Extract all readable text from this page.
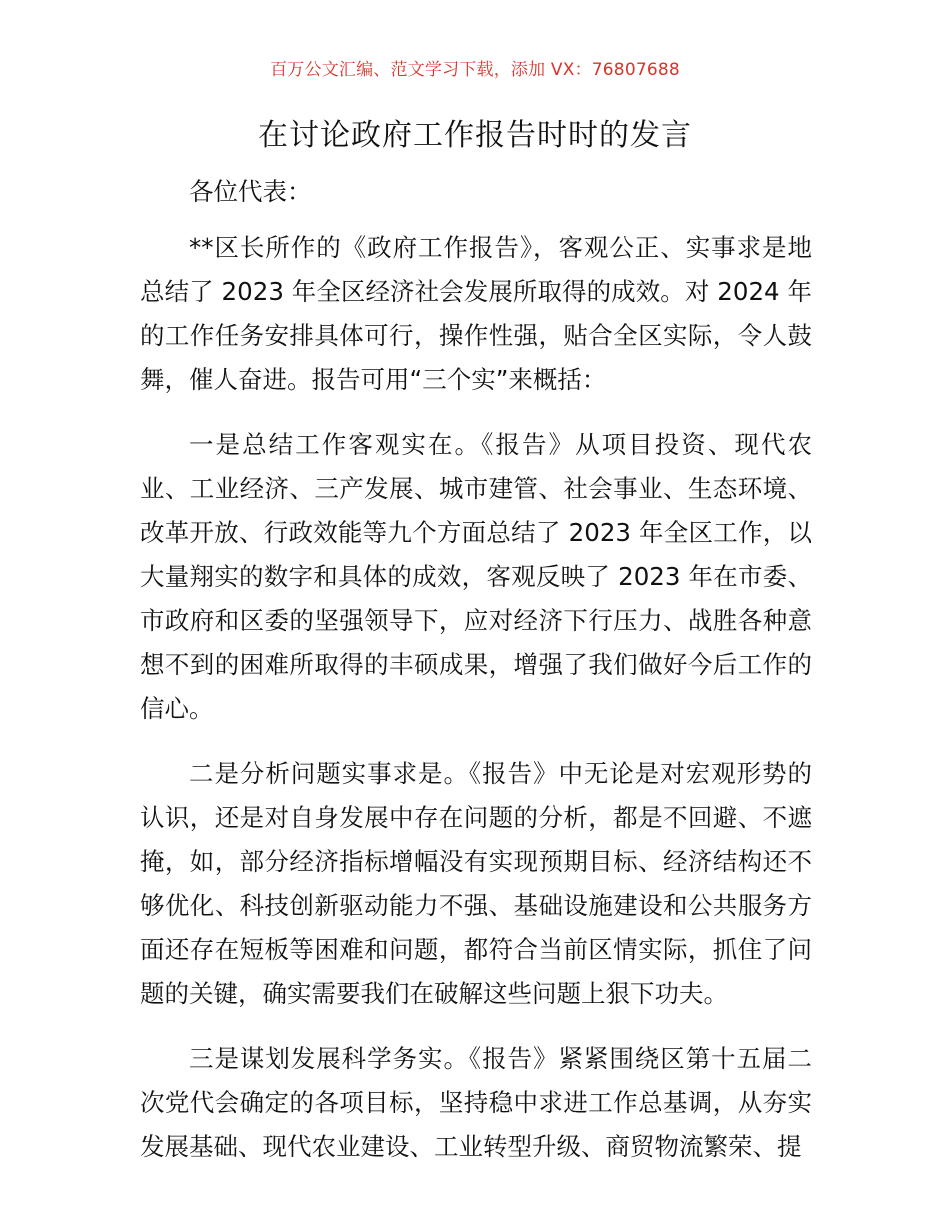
百万公文汇编、范文学习下载，添加 VX：76807688
在讨论政府工作报告时时的发言

各位代表：

**区长所作的《政府工作报告》，客观公正、实事求是地总结了 2023 年全区经济社会发展所取得的成效。对 2024 年的工作任务安排具体可行，操作性强，贴合全区实际，令人鼓舞，催人奋进。报告可用“三个实”来概括：

一是总结工作客观实在。《报告》从项目投资、现代农业、工业经济、三产发展、城市建管、社会事业、生态环境、改革开放、行政效能等九个方面总结了 2023 年全区工作，以大量翔实的数字和具体的成效，客观反映了 2023 年在市委、市政府和区委的坚强领导下，应对经济下行压力、战胜各种意想不到的困难所取得的丰硕成果，增强了我们做好今后工作的信心。

二是分析问题实事求是。《报告》中无论是对宏观形势的认识，还是对自身发展中存在问题的分析，都是不回避、不遮掩，如，部分经济指标增幅没有实现预期目标、经济结构还不够优化、科技创新驱动能力不强、基础设施建设和公共服务方面还存在短板等困难和问题，都符合当前区情实际，抓住了问题的关键，确实需要我们在破解这些问题上狠下功夫。

三是谋划发展科学务实。《报告》紧紧围绕区第十五届二次党代会确定的各项目标，坚持稳中求进工作总基调，从夯实发展基础、现代农业建设、工业转型升级、商贸物流繁荣、提
